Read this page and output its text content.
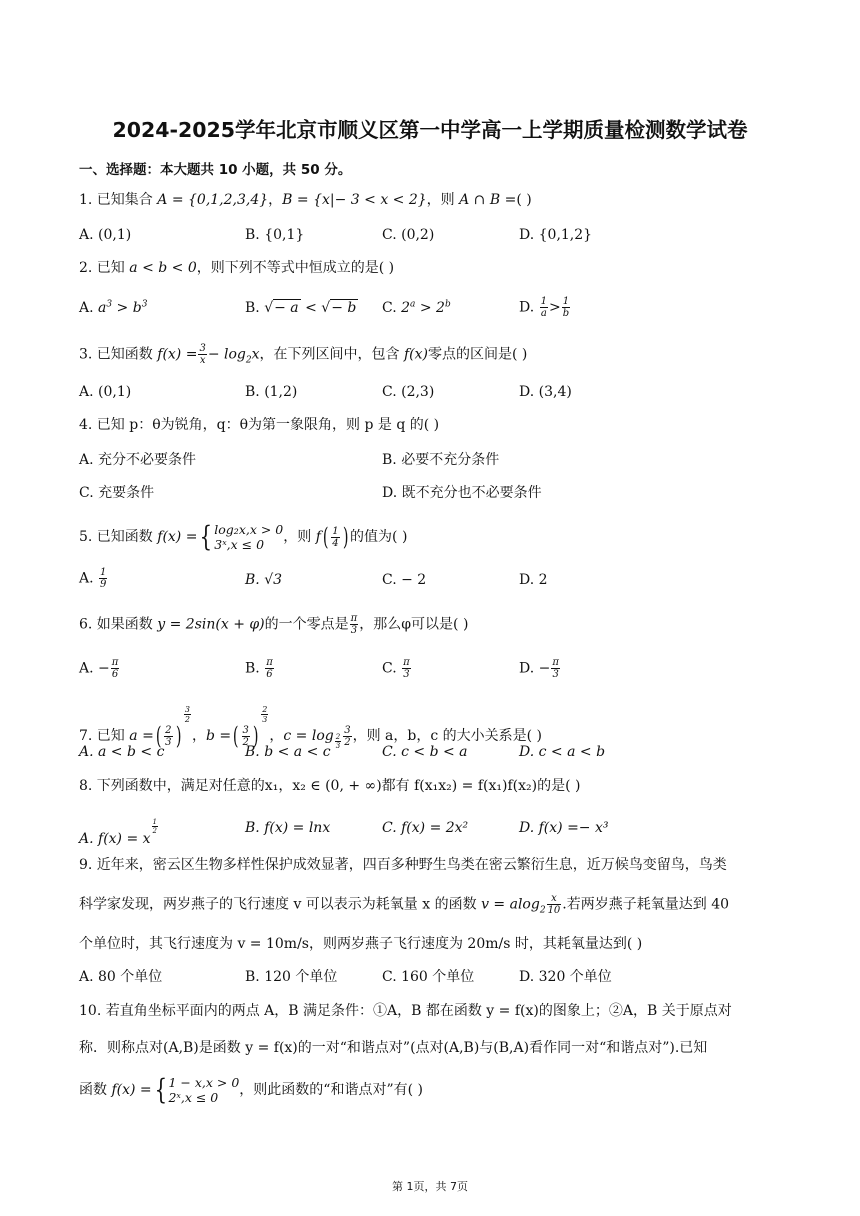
2024-2025学年北京市顺义区第一中学高一上学期质量检测数学试卷
一、选择题：本大题共 10 小题，共 50 分。
1. 已知集合 A = {0,1,2,3,4}，B = {x|− 3 < x < 2}，则 A ∩ B =( )
A. (0,1)	B. {0,1}	C. (0,2)	D. {0,1,2}
2. 已知 a < b < 0，则下列不等式中恒成立的是( )
A. $a^3 > b^3$	B. √− a < √− b C. $2^a > 2^b$	D. $\frac{1}{a} > \frac{1}{b}$
3. 已知函数 $f(x) = \frac{3}{x} - \log_2x$，在下列区间中，包含 f(x)零点的区间是( )
A. (0,1)	B. (1,2)	C. (2,3)	D. (3,4)
4. 已知 p：θ为锐角，q：θ为第一象限角，则 p 是 q 的( )
A. 充分不必要条件	B. 必要不充分条件
C. 充要条件	D. 既不充分也不必要条件
5. 已知函数 f(x) ={ log₂x,x > 0
3ˣ,x ≤ 0	，则 $f( \frac{1}{4}$ ) 的值为( )
A. $\frac{1}{9}$	B. √3	C. − 2	D. 2
6. 如果函数 y = 2sin(x + φ)的一个零点是 $\frac{\pi}{3}$ ，那么φ可以是( )
A. − $\frac{\pi}{6}$	B. $\frac{\pi}{6}$	C. $\frac{\pi}{3}$	D. − $\frac{\pi}{3}$
7. 已知 a =( $\frac{2}{3}$ )
$^{\frac{3}{2}}$
，b =( $\frac{3}{2}$ )
$^{\frac{2}{3}}$
，$c = \log _{\frac{2}{3}} \frac{3}{2}$ ，则 a，b，c 的大小关系是( )
A. a < b < c	B. b < a < c	C. c < b < a	D. c < a < b
8. 下列函数中，满足对任意的x₁，x₂ ∈ (0, + ∞)都有 f(x₁x₂) = f(x₁)f(x₂)的是( )
A. f(x) = x
$^{\frac{1}{2}}$	B. f(x) = lnx	C. f(x) = 2x²	D. f(x) =− x³
9. 近年来，密云区生物多样性保护成效显著，四百多种野生鸟类在密云繁衍生息，近万候鸟变留鸟，鸟类
科学家发现，两岁燕子的飞行速度 v 可以表示为耗氧量 x 的函数 $v = alog_2 \frac{x}{10}$ .若两岁燕子耗氧量达到 40
个单位时，其飞行速度为 v = 10m/s，则两岁燕子飞行速度为 20m/s 时，其耗氧量达到( )
A. 80 个单位	B. 120 个单位	C. 160 个单位	D. 320 个单位
10. 若直角坐标平面内的两点 A，B 满足条件：①A，B 都在函数 y = f(x)的图象上；②A，B 关于原点对
称．则称点对(A,B)是函数 y = f(x)的一对“和谐点对”(点对(A,B)与(B,A)看作同一对“和谐点对”).已知
函数 f(x) ={ 1 − x,x > 0
2ˣ,x ≤ 0	，则此函数的“和谐点对”有( )
第 1页，共 7页
